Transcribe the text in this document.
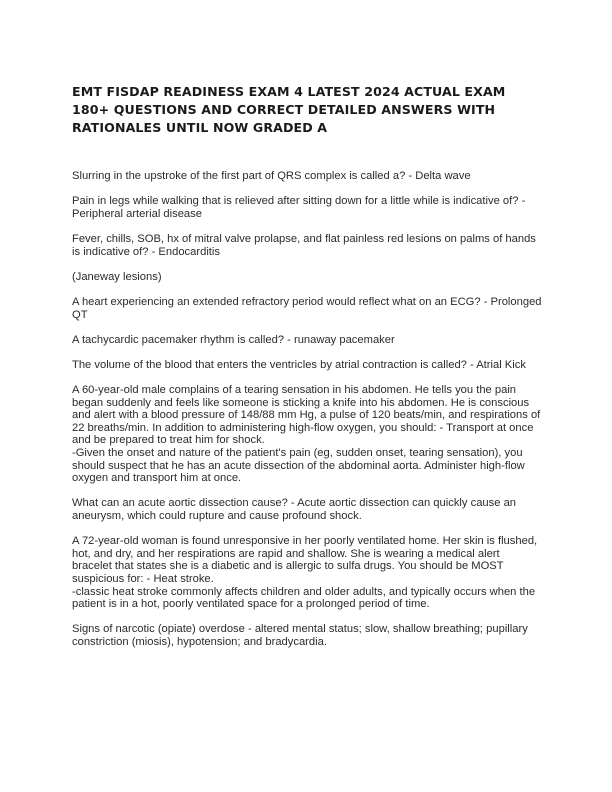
EMT FISDAP READINESS EXAM 4 LATEST 2024 ACTUAL EXAM 180+ QUESTIONS AND CORRECT DETAILED ANSWERS WITH RATIONALES UNTIL NOW GRADED A

Slurring in the upstroke of the first part of QRS complex is called a? - Delta wave

Pain in legs while walking that is relieved after sitting down for a little while is indicative of? - Peripheral arterial disease

Fever, chills, SOB, hx of mitral valve prolapse, and flat painless red lesions on palms of hands is indicative of? - Endocarditis

(Janeway lesions)

A heart experiencing an extended refractory period would reflect what on an ECG? - Prolonged QT

A tachycardic pacemaker rhythm is called? - runaway pacemaker

The volume of the blood that enters the ventricles by atrial contraction is called? - Atrial Kick

A 60-year-old male complains of a tearing sensation in his abdomen. He tells you the pain began suddenly and feels like someone is sticking a knife into his abdomen. He is conscious and alert with a blood pressure of 148/88 mm Hg, a pulse of 120 beats/min, and respirations of 22 breaths/min. In addition to administering high-flow oxygen, you should: - Transport at once and be prepared to treat him for shock.
-Given the onset and nature of the patient's pain (eg, sudden onset, tearing sensation), you should suspect that he has an acute dissection of the abdominal aorta. Administer high-flow oxygen and transport him at once.

What can an acute aortic dissection cause? - Acute aortic dissection can quickly cause an aneurysm, which could rupture and cause profound shock.

A 72-year-old woman is found unresponsive in her poorly ventilated home. Her skin is flushed, hot, and dry, and her respirations are rapid and shallow. She is wearing a medical alert bracelet that states she is a diabetic and is allergic to sulfa drugs. You should be MOST suspicious for: - Heat stroke.
-classic heat stroke commonly affects children and older adults, and typically occurs when the patient is in a hot, poorly ventilated space for a prolonged period of time.

Signs of narcotic (opiate) overdose - altered mental status; slow, shallow breathing; pupillary constriction (miosis), hypotension; and bradycardia.
